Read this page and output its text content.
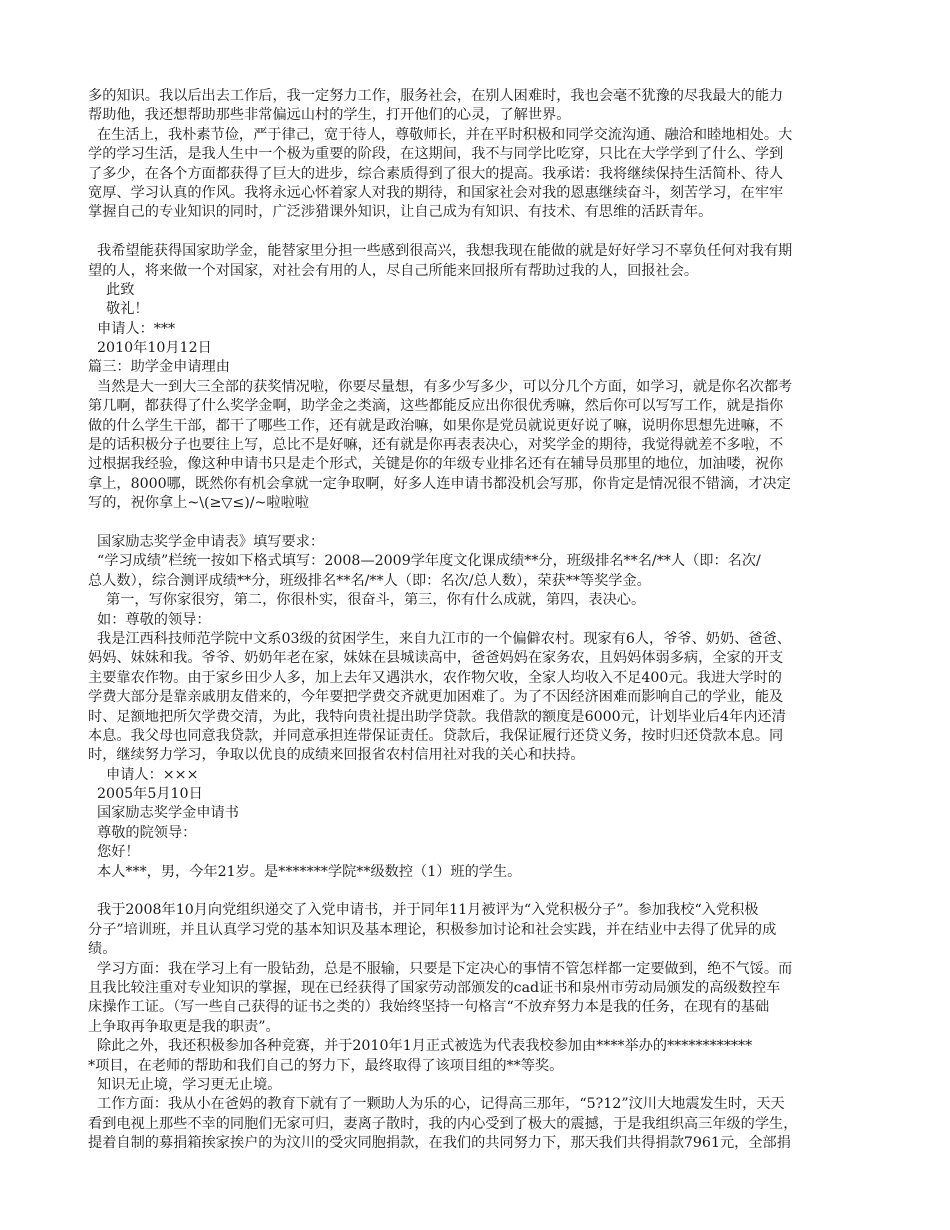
多的知识。我以后出去工作后，我一定努力工作，服务社会，在别人困难时，我也会毫不犹豫的尽我最大的能力
帮助他，我还想帮助那些非常偏远山村的学生，打开他们的心灵，了解世界。
在生活上，我朴素节俭，严于律己，宽于待人，尊敬师长，并在平时积极和同学交流沟通、融洽和睦地相处。大
学的学习生活，是我人生中一个极为重要的阶段，在这期间，我不与同学比吃穿，只比在大学学到了什么、学到
了多少，在各个方面都获得了巨大的进步，综合素质得到了很大的提高。我承诺：我将继续保持生活简朴、待人
宽厚、学习认真的作风。我将永远心怀着家人对我的期待，和国家社会对我的恩惠继续奋斗，刻苦学习，在牢牢
掌握自己的专业知识的同时，广泛涉猎课外知识，让自己成为有知识、有技术、有思维的活跃青年。
我希望能获得国家助学金，能替家里分担一些感到很高兴，我想我现在能做的就是好好学习不辜负任何对我有期
望的人，将来做一个对国家，对社会有用的人，尽自己所能来回报所有帮助过我的人，回报社会。
此致
敬礼！
申请人：***
2010年10月12日
篇三：助学金申请理由
当然是大一到大三全部的获奖情况啦，你要尽量想，有多少写多少，可以分几个方面，如学习，就是你名次都考
第几啊，都获得了什么奖学金啊，助学金之类滴，这些都能反应出你很优秀嘛，然后你可以写写工作，就是指你
做的什么学生干部，都干了哪些工作，还有就是政治嘛，如果你是党员就说更好说了嘛，说明你思想先进嘛，不
是的话积极分子也要往上写，总比不是好嘛，还有就是你再表表决心，对奖学金的期待，我觉得就差不多啦，不
过根据我经验，像这种申请书只是走个形式，关键是你的年级专业排名还有在辅导员那里的地位，加油喽，祝你
拿上，8000哪，既然你有机会拿就一定争取啊，好多人连申请书都没机会写那，你肯定是情况很不错滴，才决定
写的，祝你拿上~\(≥▽≤)/~啦啦啦
国家励志奖学金申请表》填写要求：
“学习成绩”栏统一按如下格式填写：2008—2009学年度文化课成绩**分，班级排名**名/**人（即：名次/
总人数），综合测评成绩**分，班级排名**名/**人（即：名次/总人数），荣获**等奖学金。
第一，写你家很穷，第二，你很朴实，很奋斗，第三，你有什么成就，第四，表决心。
如：尊敬的领导：
我是江西科技师范学院中文系03级的贫困学生，来自九江市的一个偏僻农村。现家有6人，爷爷、奶奶、爸爸、
妈妈、妹妹和我。爷爷、奶奶年老在家，妹妹在县城读高中，爸爸妈妈在家务农，且妈妈体弱多病，全家的开支
主要靠农作物。由于家乡田少人多，加上去年又遇洪水，农作物欠收，全家人均收入不足400元。我进大学时的
学费大部分是靠亲戚朋友借来的，今年要把学费交齐就更加困难了。为了不因经济困难而影响自己的学业，能及
时、足额地把所欠学费交清，为此，我特向贵社提出助学贷款。我借款的额度是6000元，计划毕业后4年内还清
本息。我父母也同意我贷款，并同意承担连带保证责任。贷款后，我保证履行还贷义务，按时归还贷款本息。同
时，继续努力学习，争取以优良的成绩来回报省农村信用社对我的关心和扶持。
申请人：×××
2005年5月10日
国家励志奖学金申请书
尊敬的院领导：
您好！
本人***，男，今年21岁。是*******学院**级数控（1）班的学生。
我于2008年10月向党组织递交了入党申请书，并于同年11月被评为“入党积极分子”。参加我校“入党积极
分子”培训班，并且认真学习党的基本知识及基本理论，积极参加讨论和社会实践，并在结业中去得了优异的成
绩。
学习方面：我在学习上有一股钻劲，总是不服输，只要是下定决心的事情不管怎样都一定要做到，绝不气馁。而
且我比较注重对专业知识的掌握，现在已经获得了国家劳动部颁发的cad证书和泉州市劳动局颁发的高级数控车
床操作工证。（写一些自己获得的证书之类的）我始终坚持一句格言“不放弃努力本是我的任务，在现有的基础
上争取再争取更是我的职责”。
除此之外，我还积极参加各种竞赛，并于2010年1月正式被选为代表我校参加由****举办的************
*项目，在老师的帮助和我们自己的努力下，最终取得了该项目组的**等奖。
知识无止境，学习更无止境。
工作方面：我从小在爸妈的教育下就有了一颗助人为乐的心，记得高三那年，“5?12”汶川大地震发生时，天天
看到电视上那些不幸的同胞们无家可归，妻离子散时，我的内心受到了极大的震撼，于是我组织高三年级的学生，
提着自制的募捐箱挨家挨户的为汶川的受灾同胞捐款，在我们的共同努力下，那天我们共得捐款7961元，全部捐
